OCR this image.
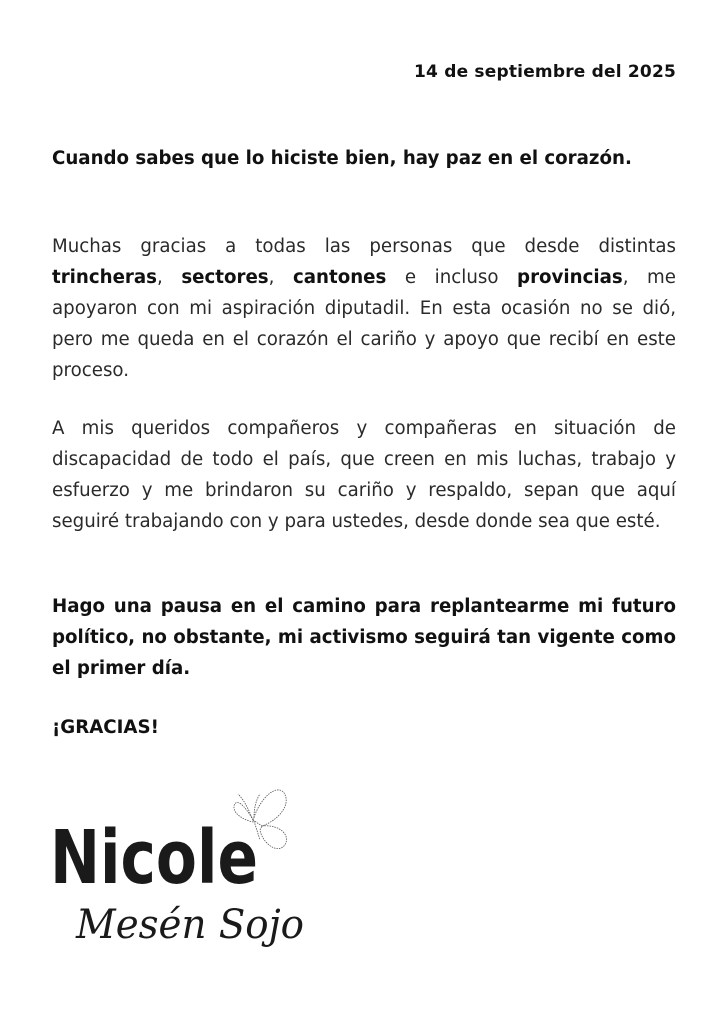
14 de septiembre del 2025
Cuando sabes que lo hiciste bien, hay paz en el corazón.
Muchas gracias a todas las personas que desde distintas trincheras, sectores, cantones e incluso provincias, me apoyaron con mi aspiración diputadil. En esta ocasión no se dió, pero me queda en el corazón el cariño y apoyo que recibí en este proceso.
A mis queridos compañeros y compañeras en situación de discapacidad de todo el país, que creen en mis luchas, trabajo y esfuerzo y me brindaron su cariño y respaldo, sepan que aquí seguiré trabajando con y para ustedes, desde donde sea que esté.
Hago una pausa en el camino para replantearme mi futuro político, no obstante, mi activismo seguirá tan vigente como el primer día.
¡GRACIAS!
Nicole
Mesén Sojo
